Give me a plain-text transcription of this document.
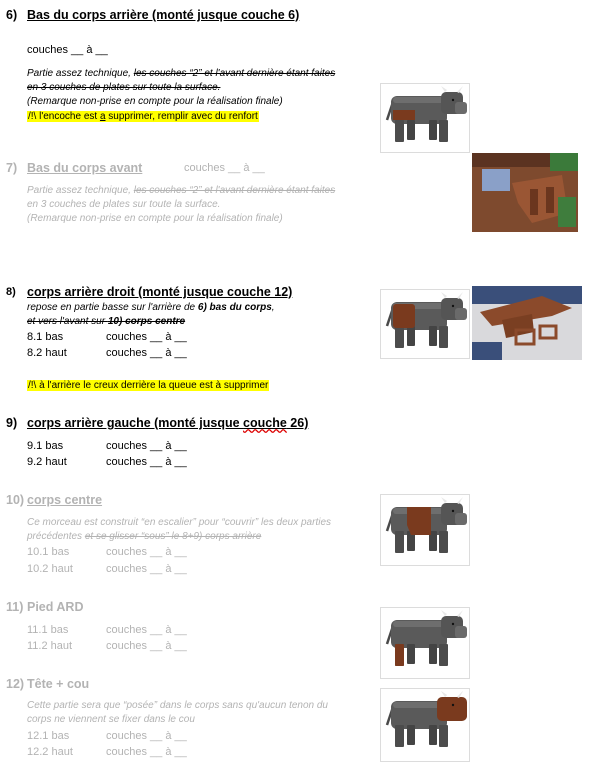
6) Bas du corps arrière (monté jusque couche 6)
couches __ à __
Partie assez technique, les couches “2” et l'avant dernière étant faites
en 3 couches de plates sur toute la surface.
(Remarque non-prise en compte pour la réalisation finale)
/!\ l'encoche est a supprimer, remplir avec du renfort
7) Bas du corps avant	couches __ à __
Partie assez technique, les couches “2” et l'avant dernière étant faites
en 3 couches de plates sur toute la surface.
(Remarque non-prise en compte pour la réalisation finale)
8) corps arrière droit (monté jusque couche 12)
repose en partie basse sur l'arrière de 6) bas du corps,
et vers l'avant sur 10) corps centre
8.1 bas	couches __ à __
8.2 haut	couches __ à __
/!\ à l'arrière le creux derrière la queue est à supprimer
9) corps arrière gauche (monté jusque couche 26)
9.1 bas	couches __ à __
9.2 haut	couches __ à __
10) corps centre
Ce morceau est construit “en escalier” pour “couvrir” les deux parties
précédentes et se glisser “sous” le 8+9) corps arrière
10.1 bas	couches __ à __
10.2 haut	couches __ à __
11) Pied ARD
11.1 bas	couches __ à __
11.2 haut	couches __ à __
12) Tête + cou
Cette partie sera que “posée” dans le corps sans qu'aucun tenon du
corps ne viennent se fixer dans le cou
12.1 bas	couches __ à __
12.2 haut	couches __ à __
